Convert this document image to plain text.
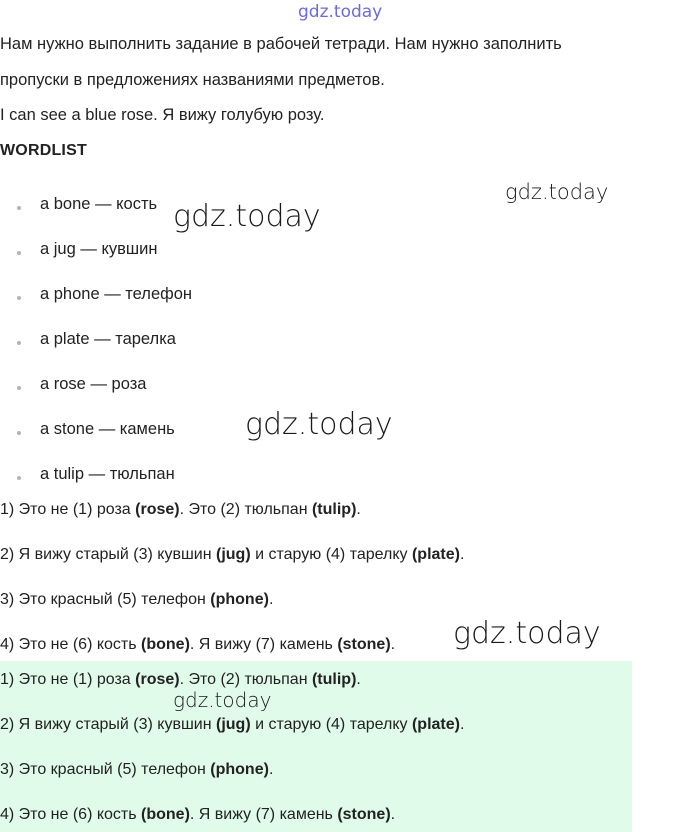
gdz.today
Нам нужно выполнить задание в рабочей тетради. Нам нужно заполнить
пропуски в предложениях названиями предметов.
I can see a blue rose. Я вижу голубую розу.
WORDLIST
a bone — кость
a jug — кувшин
a phone — телефон
a plate — тарелка
a rose — роза
a stone — камень
a tulip — тюльпан
1) Это не (1) роза (rose). Это (2) тюльпан (tulip).
2) Я вижу старый (3) кувшин (jug) и старую (4) тарелку (plate).
3) Это красный (5) телефон (phone).
4) Это не (6) кость (bone). Я вижу (7) камень (stone).
1) Это не (1) роза (rose). Это (2) тюльпан (tulip).
2) Я вижу старый (3) кувшин (jug) и старую (4) тарелку (plate).
3) Это красный (5) телефон (phone).
4) Это не (6) кость (bone). Я вижу (7) камень (stone).
gdz.today
gdz.today
gdz.today
gdz.today
gdz.today
